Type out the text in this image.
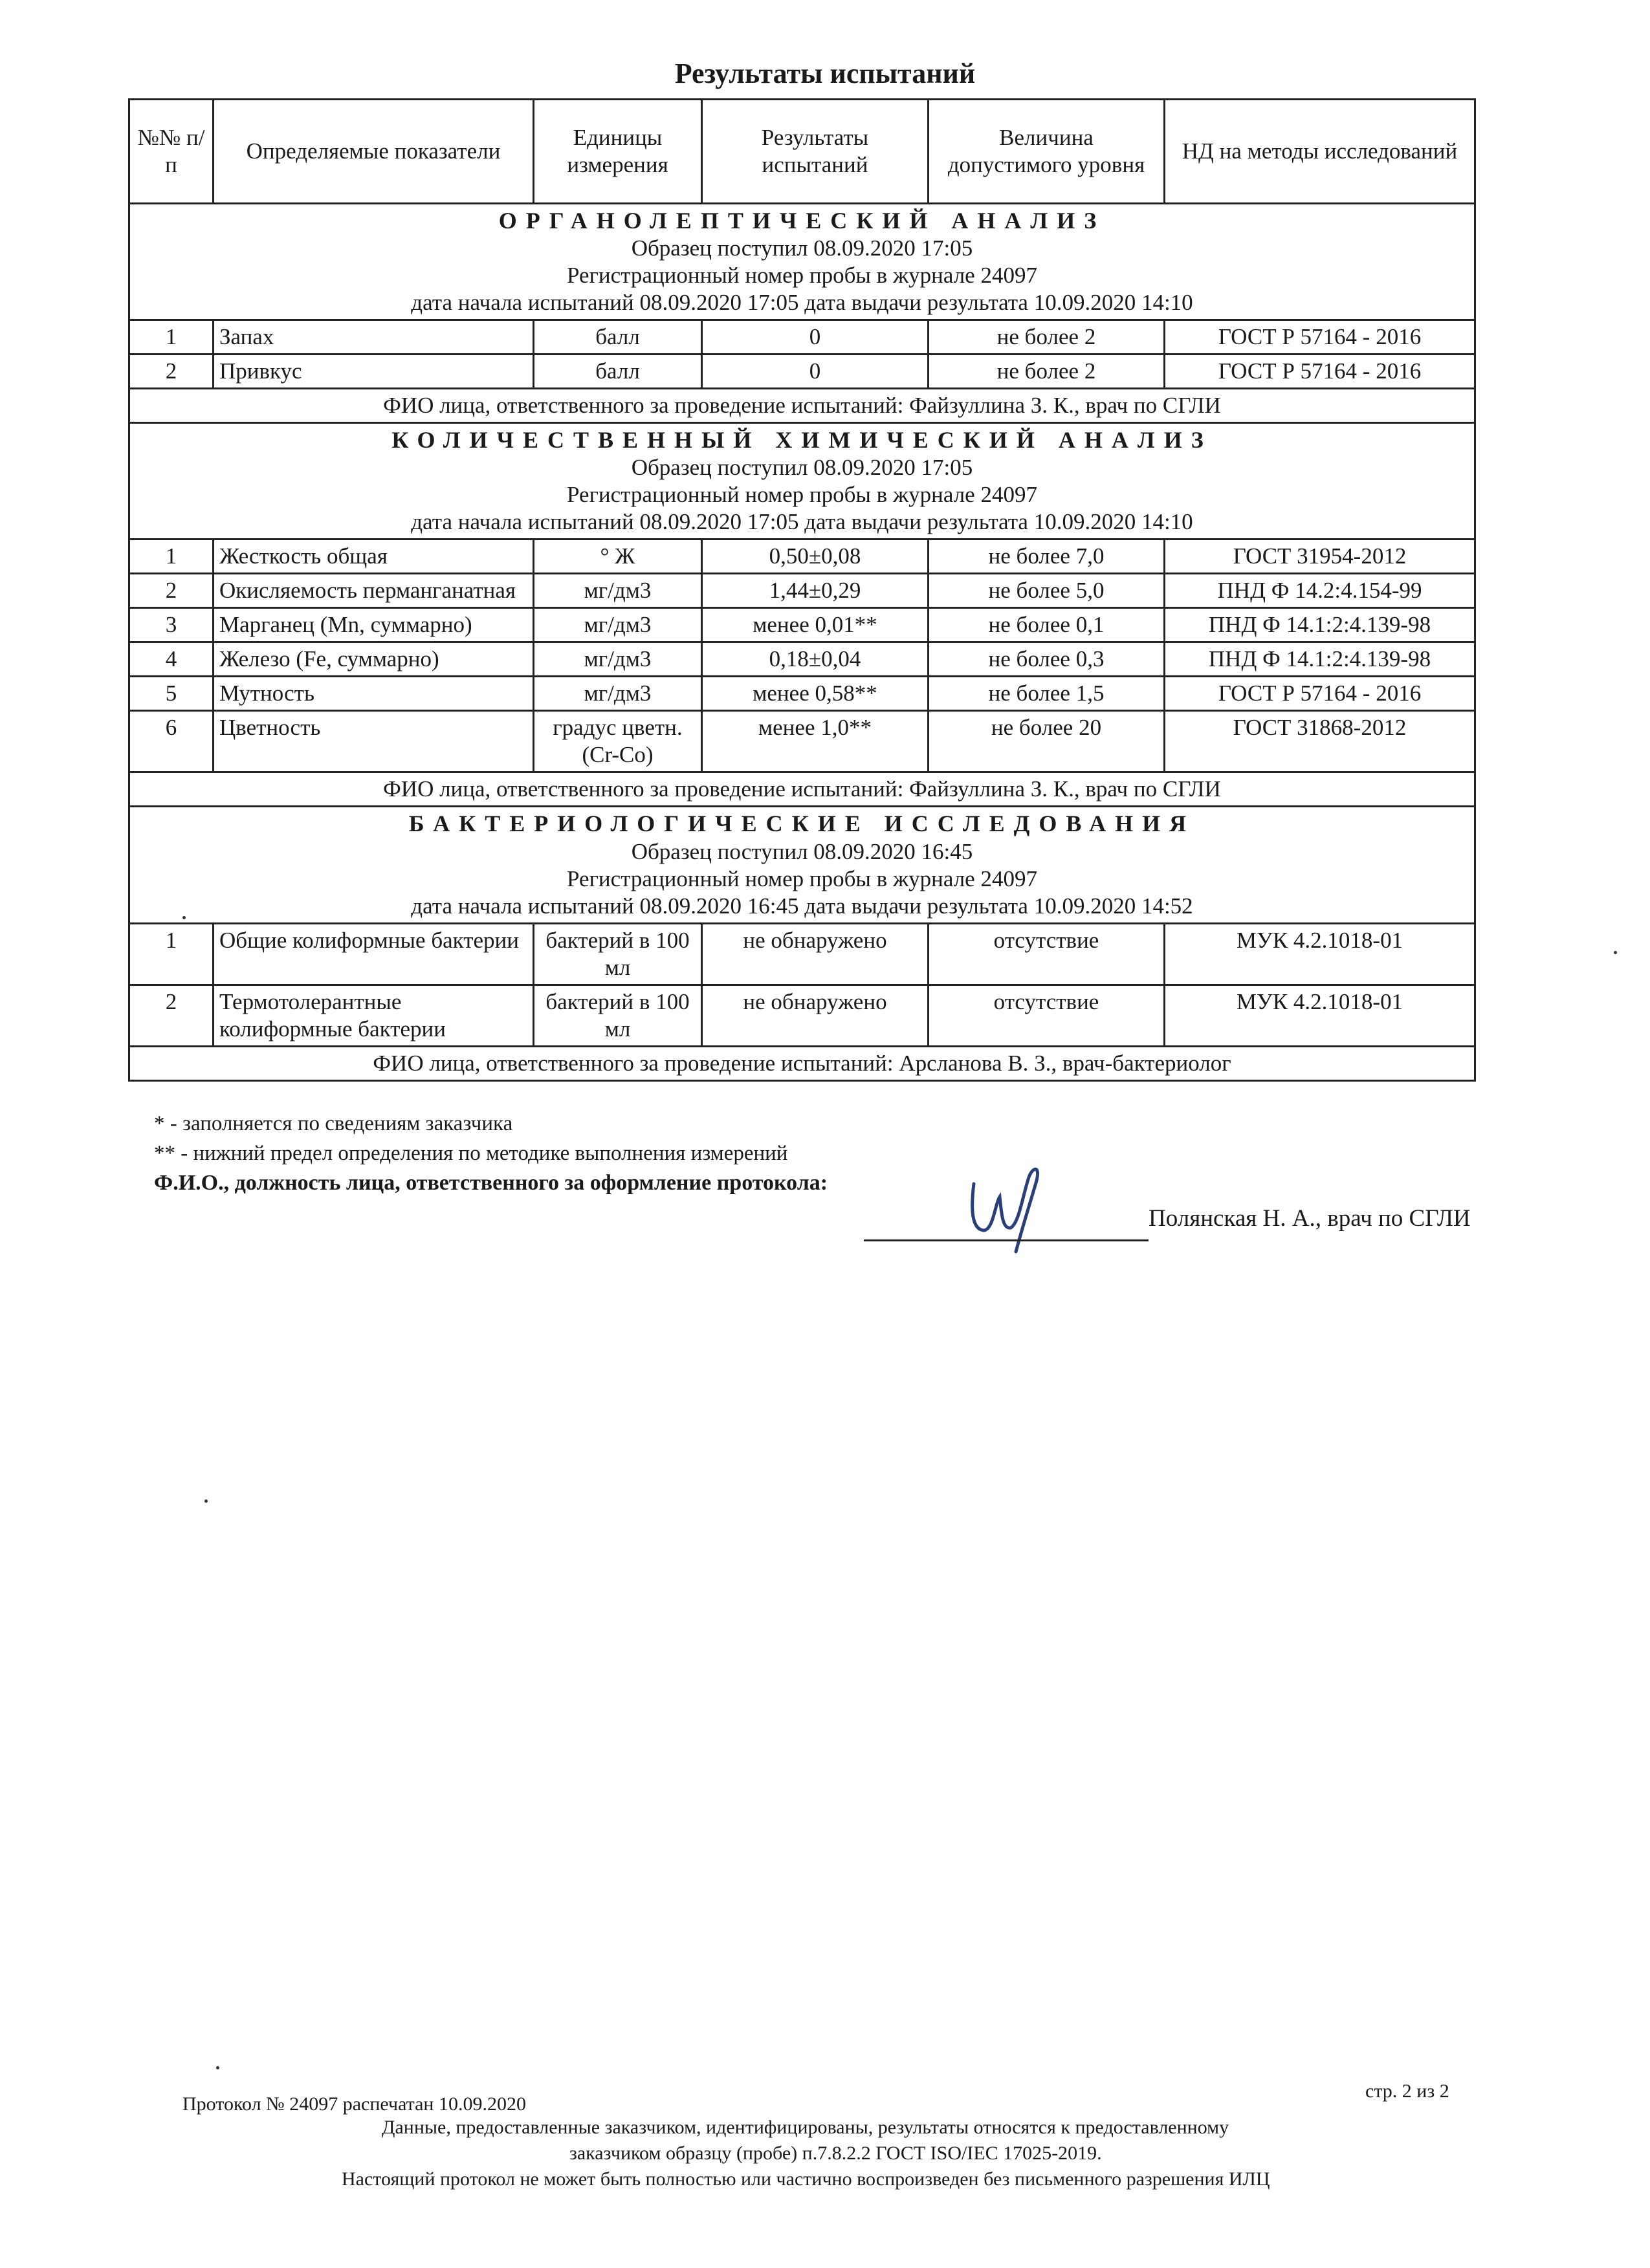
Результаты испытаний
№№ п/п	Определяемые показатели	Единицы измерения	Результаты испытаний	Величина допустимого уровня	НД на методы исследований

ОРГАНОЛЕПТИЧЕСКИЙ АНАЛИЗ
Образец поступил 08.09.2020 17:05
Регистрационный номер пробы в журнале 24097
дата начала испытаний 08.09.2020 17:05 дата выдачи результата 10.09.2020 14:10					

1	Запах	балл	0	не более 2	ГОСТ Р 57164 - 2016
2	Привкус	балл	0	не более 2	ГОСТ Р 57164 - 2016
ФИО лица, ответственного за проведение испытаний: Файзуллина З. К., врач по СГЛИ					

КОЛИЧЕСТВЕННЫЙ ХИМИЧЕСКИЙ АНАЛИЗ
Образец поступил 08.09.2020 17:05
Регистрационный номер пробы в журнале 24097
дата начала испытаний 08.09.2020 17:05 дата выдачи результата 10.09.2020 14:10					

1	Жесткость общая	° Ж	0,50±0,08	не более 7,0	ГОСТ 31954-2012
2	Окисляемость перманганатная	мг/дм3	1,44±0,29	не более 5,0	ПНД Ф 14.2:4.154-99
3	Марганец (Mn, суммарно)	мг/дм3	менее 0,01**	не более 0,1	ПНД Ф 14.1:2:4.139-98
4	Железо (Fe, суммарно)	мг/дм3	0,18±0,04	не более 0,3	ПНД Ф 14.1:2:4.139-98
5	Мутность	мг/дм3	менее 0,58**	не более 1,5	ГОСТ Р 57164 - 2016
6	Цветность	градус цветн.(Cr-Co)	менее 1,0**	не более 20	ГОСТ 31868-2012
ФИО лица, ответственного за проведение испытаний: Файзуллина З. К., врач по СГЛИ					

БАКТЕРИОЛОГИЧЕСКИЕ ИССЛЕДОВАНИЯ
Образец поступил 08.09.2020 16:45
Регистрационный номер пробы в журнале 24097
дата начала испытаний 08.09.2020 16:45 дата выдачи результата 10.09.2020 14:52					

1	Общие колиформные бактерии	бактерий в 100 мл	не обнаружено	отсутствие	МУК 4.2.1018-01
2	Термотолерантные колиформные бактерии	бактерий в 100 мл	не обнаружено	отсутствие	МУК 4.2.1018-01
ФИО лица, ответственного за проведение испытаний: Арсланова В. З., врач-бактериолог					
* - заполняется по сведениям заказчика
** - нижний предел определения по методике выполнения измерений
Ф.И.О., должность лица, ответственного за оформление протокола:
Полянская Н. А., врач по СГЛИ
стр. 2 из 2
Протокол № 24097 распечатан 10.09.2020
Данные, предоставленные заказчиком, идентифицированы, результаты относятся к предоставленному
заказчиком образцу (пробе) п.7.8.2.2 ГОСТ ISO/IEC 17025-2019.
Настоящий протокол не может быть полностью или частично воспроизведен без письменного разрешения ИЛЦ
